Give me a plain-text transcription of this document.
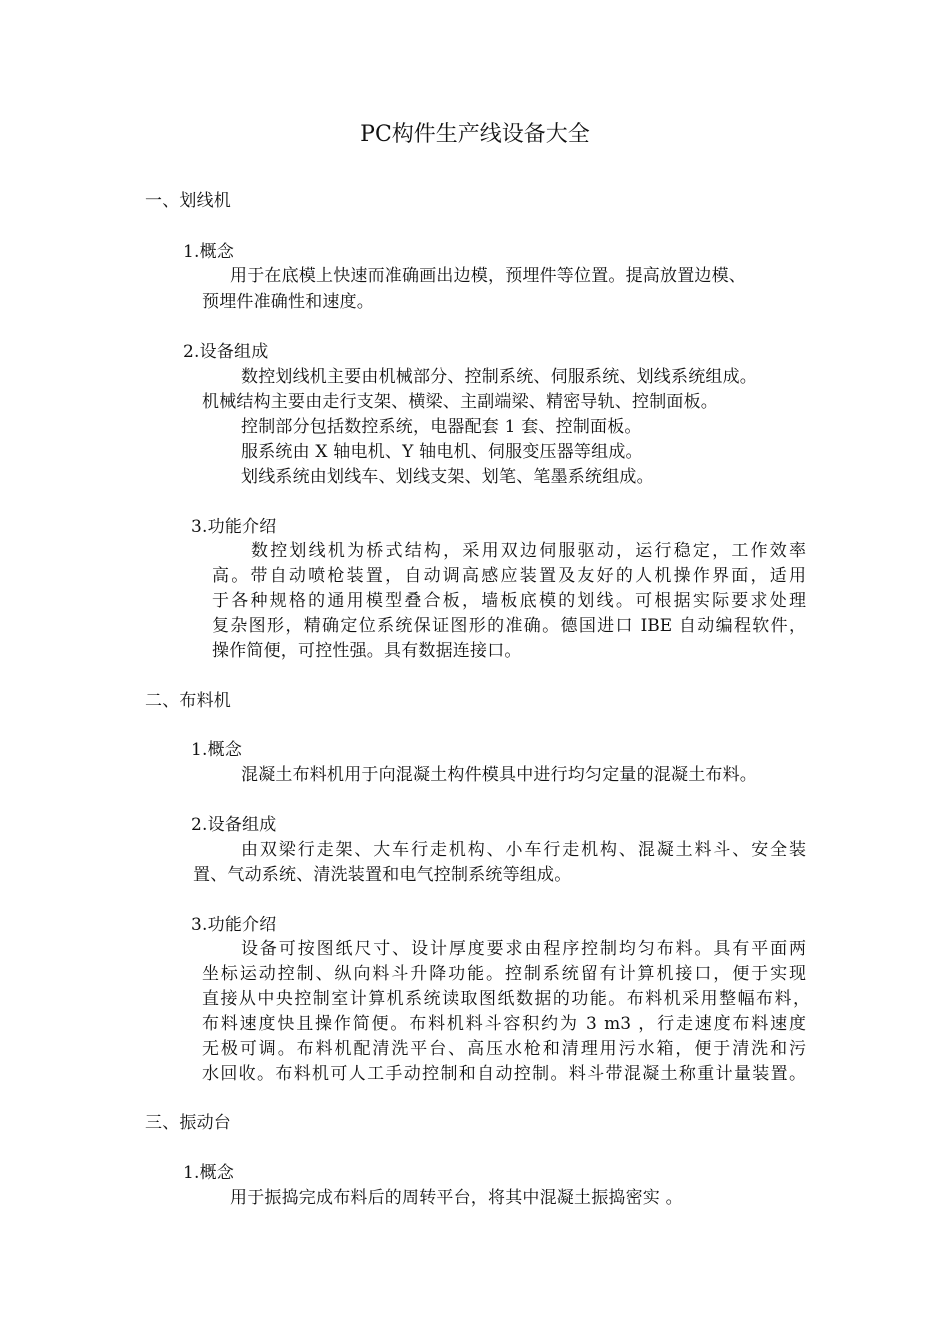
PC构件生产线设备大全
一、划线机
1.概念
用于在底模上快速而准确画出边模，预埋件等位置。提高放置边模、
预埋件准确性和速度。
2.设备组成
数控划线机主要由机械部分、控制系统、伺服系统、划线系统组成。
机械结构主要由走行支架、横梁、主副端梁、精密导轨、控制面板。
控制部分包括数控系统，电器配套 1 套、控制面板。
服系统由 X 轴电机、Y 轴电机、伺服变压器等组成。
划线系统由划线车、划线支架、划笔、笔墨系统组成。
3.功能介绍
数控划线机为桥式结构，采用双边伺服驱动，运行稳定，工作效率
高。带自动喷枪装置，自动调高感应装置及友好的人机操作界面，适用
于各种规格的通用模型叠合板，墙板底模的划线。可根据实际要求处理
复杂图形，精确定位系统保证图形的准确。德国进口 IBE 自动编程软件，
操作简便，可控性强。具有数据连接口。
二、布料机
1.概念
混凝土布料机用于向混凝土构件模具中进行均匀定量的混凝土布料。
2.设备组成
由双梁行走架、大车行走机构、小车行走机构、混凝土料斗、安全装
置、气动系统、清洗装置和电气控制系统等组成。
3.功能介绍
设备可按图纸尺寸、设计厚度要求由程序控制均匀布料。具有平面两
坐标运动控制、纵向料斗升降功能。控制系统留有计算机接口，便于实现
直接从中央控制室计算机系统读取图纸数据的功能。布料机采用整幅布料，
布料速度快且操作简便。布料机料斗容积约为 3 m3 ，行走速度布料速度
无极可调。布料机配清洗平台、高压水枪和清理用污水箱，便于清洗和污
水回收。布料机可人工手动控制和自动控制。料斗带混凝土称重计量装置。
三、振动台
1.概念
用于振捣完成布料后的周转平台，将其中混凝土振捣密实 。
